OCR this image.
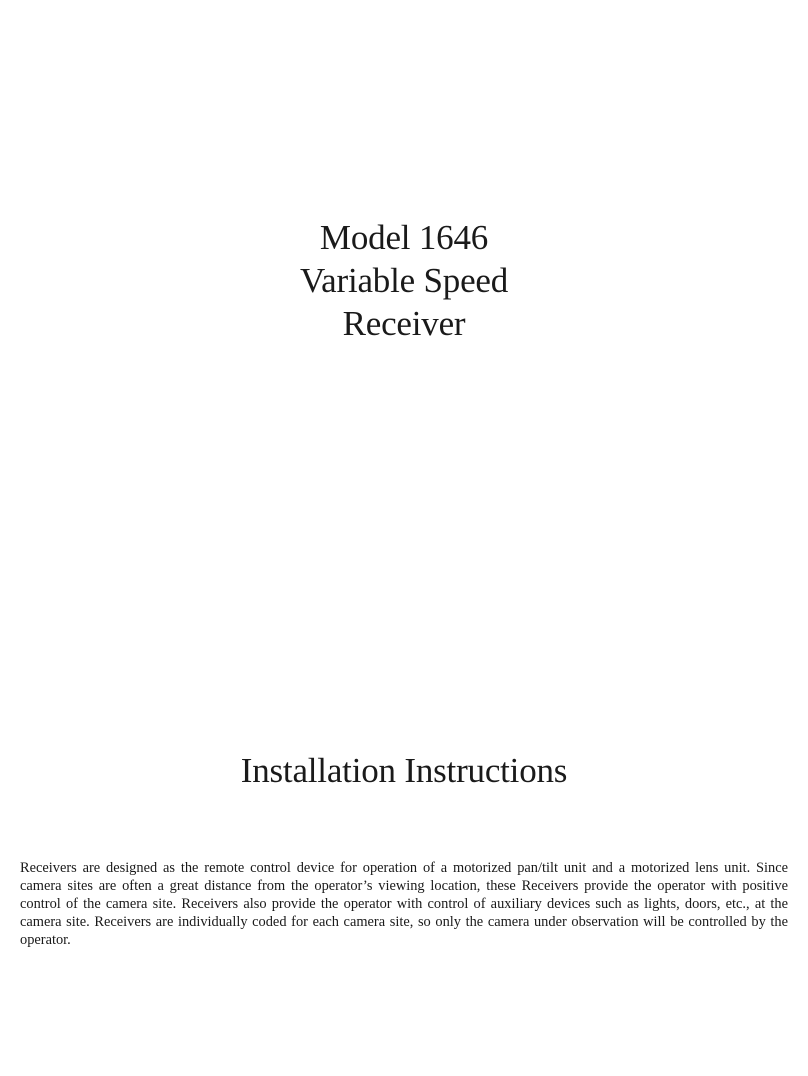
Model 1646
Variable Speed
Receiver
Installation Instructions

Receivers are designed as the remote control device for operation of a motorized pan/tilt unit and a motorized lens unit. Since camera sites are often a great distance from the operator’s viewing location, these Receivers provide the operator with positive control of the camera site. Receivers also provide the operator with control of auxiliary devices such as lights, doors, etc., at the camera site. Receivers are individually coded for each camera site, so only the camera under observation will be controlled by the operator.
